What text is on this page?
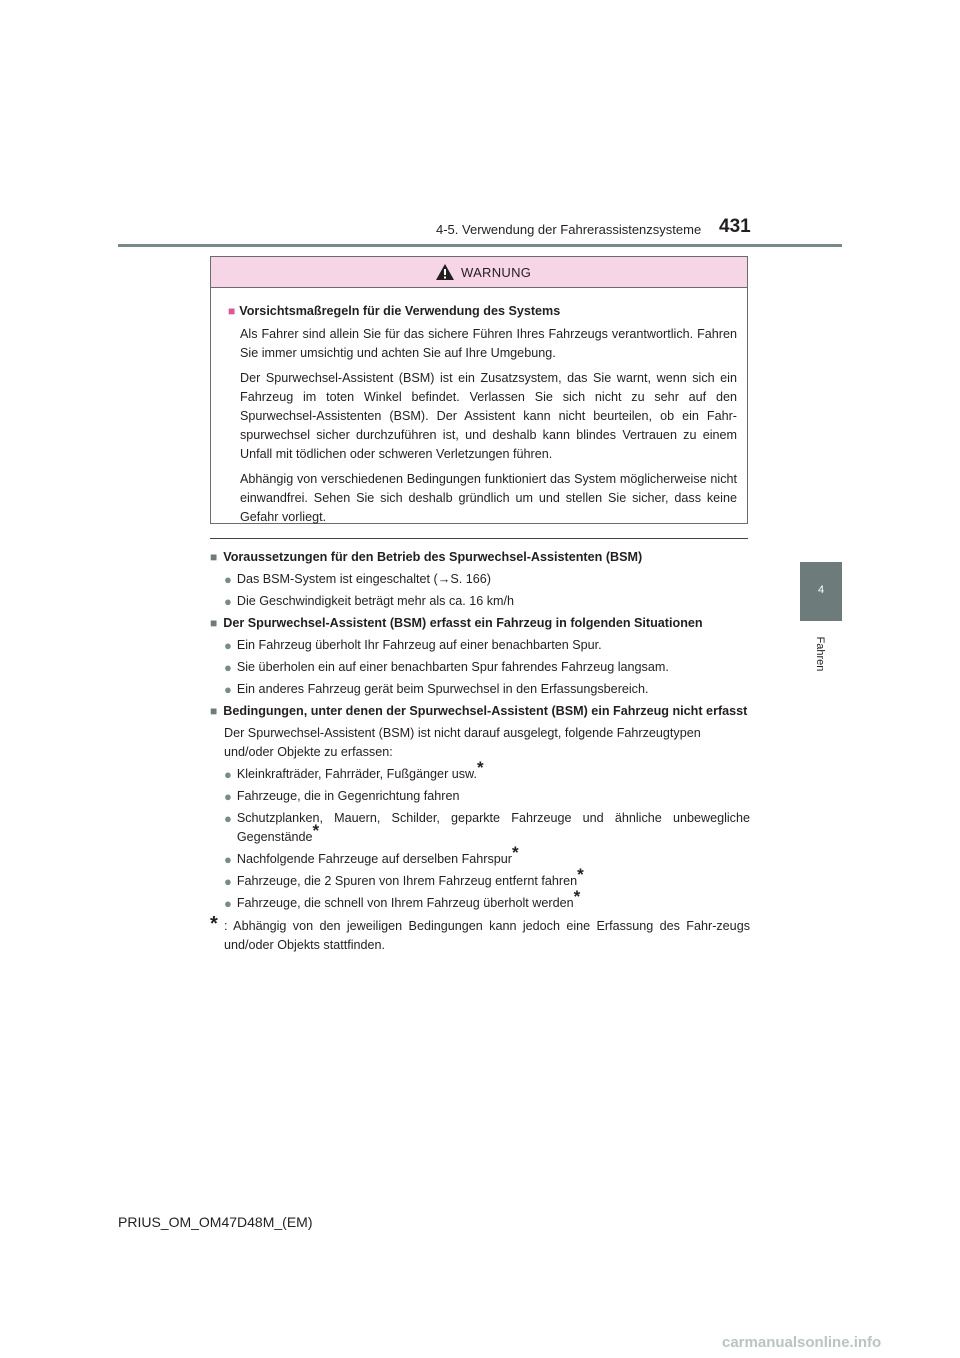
4-5. Verwendung der Fahrerassistenzsysteme 431
4
Fahren
WARNUNG
■ Vorsichtsmaßregeln für die Verwendung des Systems

Als Fahrer sind allein Sie für das sichere Führen Ihres Fahrzeugs verantwortlich. Fahren Sie immer umsichtig und achten Sie auf Ihre Umgebung.

Der Spurwechsel-Assistent (BSM) ist ein Zusatzsystem, das Sie warnt, wenn sich ein Fahrzeug im toten Winkel befindet. Verlassen Sie sich nicht zu sehr auf den Spurwechsel-Assistenten (BSM). Der Assistent kann nicht beurteilen, ob ein Fahr-spurwechsel sicher durchzuführen ist, und deshalb kann blindes Vertrauen zu einem Unfall mit tödlichen oder schweren Verletzungen führen.

Abhängig von verschiedenen Bedingungen funktioniert das System möglicherweise nicht einwandfrei. Sehen Sie sich deshalb gründlich um und stellen Sie sicher, dass keine Gefahr vorliegt.

■ Voraussetzungen für den Betrieb des Spurwechsel-Assistenten (BSM)
● Das BSM-System ist eingeschaltet (→S. 166)
● Die Geschwindigkeit beträgt mehr als ca. 16 km/h
■ Der Spurwechsel-Assistent (BSM) erfasst ein Fahrzeug in folgenden Situationen
● Ein Fahrzeug überholt Ihr Fahrzeug auf einer benachbarten Spur.
● Sie überholen ein auf einer benachbarten Spur fahrendes Fahrzeug langsam.
● Ein anderes Fahrzeug gerät beim Spurwechsel in den Erfassungsbereich.
■ Bedingungen, unter denen der Spurwechsel-Assistent (BSM) ein Fahrzeug nicht erfasst
Der Spurwechsel-Assistent (BSM) ist nicht darauf ausgelegt, folgende Fahrzeugtypen und/oder Objekte zu erfassen:
● Kleinkrafträder, Fahrräder, Fußgänger usw.*
● Fahrzeuge, die in Gegenrichtung fahren
● Schutzplanken, Mauern, Schilder, geparkte Fahrzeuge und ähnliche unbewegliche Gegenstände*
● Nachfolgende Fahrzeuge auf derselben Fahrspur*
● Fahrzeuge, die 2 Spuren von Ihrem Fahrzeug entfernt fahren*
● Fahrzeuge, die schnell von Ihrem Fahrzeug überholt werden*
* : Abhängig von den jeweiligen Bedingungen kann jedoch eine Erfassung des Fahr-zeugs und/oder Objekts stattfinden.
PRIUS_OM_OM47D48M_(EM)
carmanualsonline.info
